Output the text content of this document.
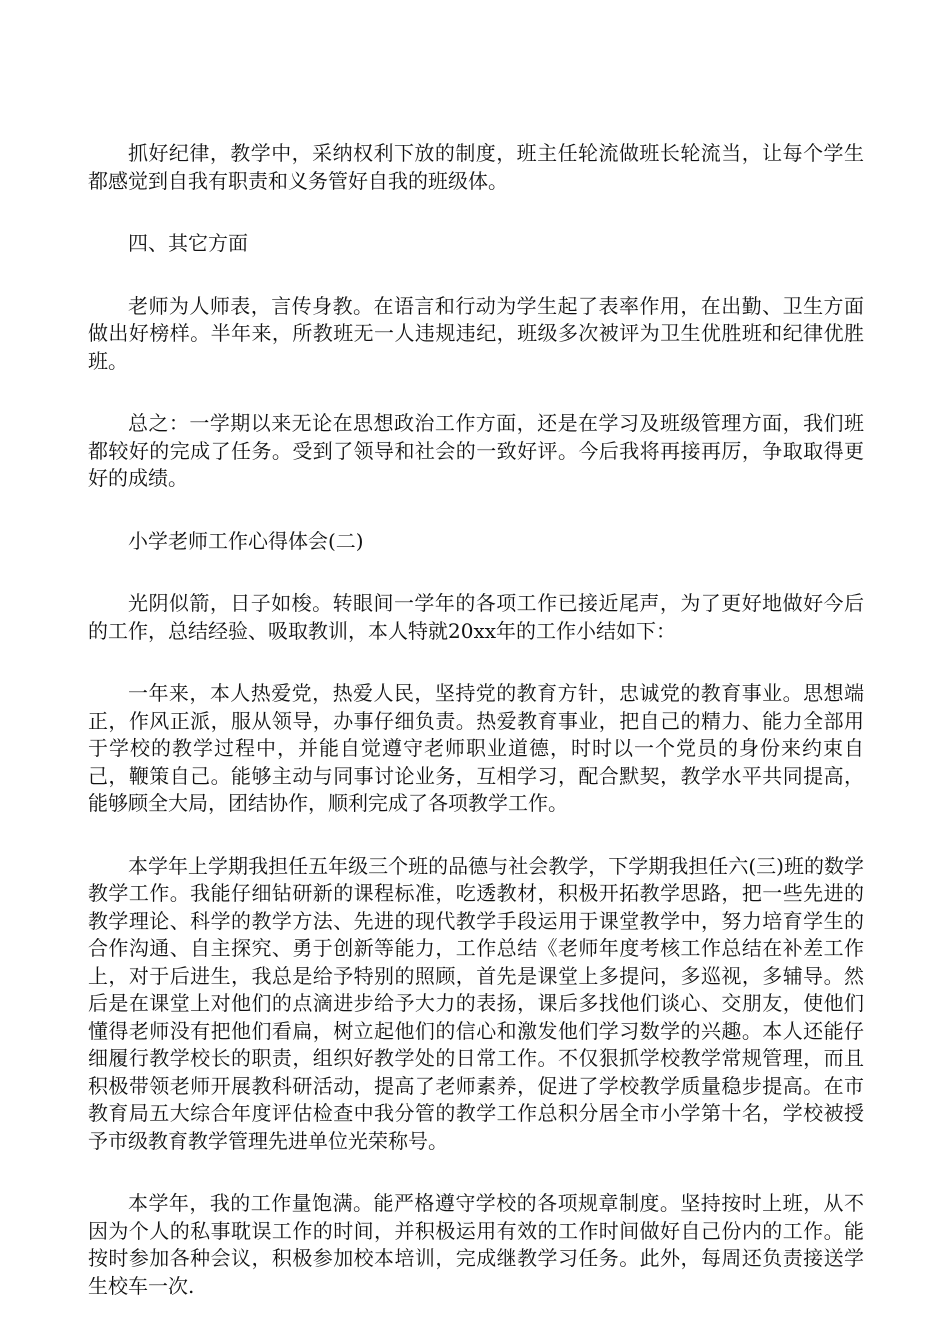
抓好纪律，教学中，采纳权利下放的制度，班主任轮流做班长轮流当，让每个学生都感觉到自我有职责和义务管好自我的班级体。

四、其它方面

老师为人师表，言传身教。在语言和行动为学生起了表率作用，在出勤、卫生方面做出好榜样。半年来，所教班无一人违规违纪，班级多次被评为卫生优胜班和纪律优胜班。

总之：一学期以来无论在思想政治工作方面，还是在学习及班级管理方面，我们班都较好的完成了任务。受到了领导和社会的一致好评。今后我将再接再厉，争取取得更好的成绩。

小学老师工作心得体会(二)

光阴似箭，日子如梭。转眼间一学年的各项工作已接近尾声，为了更好地做好今后的工作，总结经验、吸取教训，本人特就20xx年的工作小结如下：

一年来，本人热爱党，热爱人民，坚持党的教育方针，忠诚党的教育事业。思想端正，作风正派，服从领导，办事仔细负责。热爱教育事业，把自己的精力、能力全部用于学校的教学过程中，并能自觉遵守老师职业道德，时时以一个党员的身份来约束自己，鞭策自己。能够主动与同事讨论业务，互相学习，配合默契，教学水平共同提高，能够顾全大局，团结协作，顺利完成了各项教学工作。

本学年上学期我担任五年级三个班的品德与社会教学，下学期我担任六(三)班的数学教学工作。我能仔细钻研新的课程标准，吃透教材，积极开拓教学思路，把一些先进的教学理论、科学的教学方法、先进的现代教学手段运用于课堂教学中，努力培育学生的合作沟通、自主探究、勇于创新等能力，工作总结《老师年度考核工作总结在补差工作上，对于后进生，我总是给予特别的照顾，首先是课堂上多提问，多巡视，多辅导。然后是在课堂上对他们的点滴进步给予大力的表扬，课后多找他们谈心、交朋友，使他们懂得老师没有把他们看扁，树立起他们的信心和激发他们学习数学的兴趣。本人还能仔细履行教学校长的职责，组织好教学处的日常工作。不仅狠抓学校教学常规管理，而且积极带领老师开展教科研活动，提高了老师素养，促进了学校教学质量稳步提高。在市教育局五大综合年度评估检查中我分管的教学工作总积分居全市小学第十名，学校被授予市级教育教学管理先进单位光荣称号。

本学年，我的工作量饱满。能严格遵守学校的各项规章制度。坚持按时上班，从不因为个人的私事耽误工作的时间，并积极运用有效的工作时间做好自己份内的工作。能按时参加各种会议，积极参加校本培训，完成继教学习任务。此外，每周还负责接送学生校车一次.
